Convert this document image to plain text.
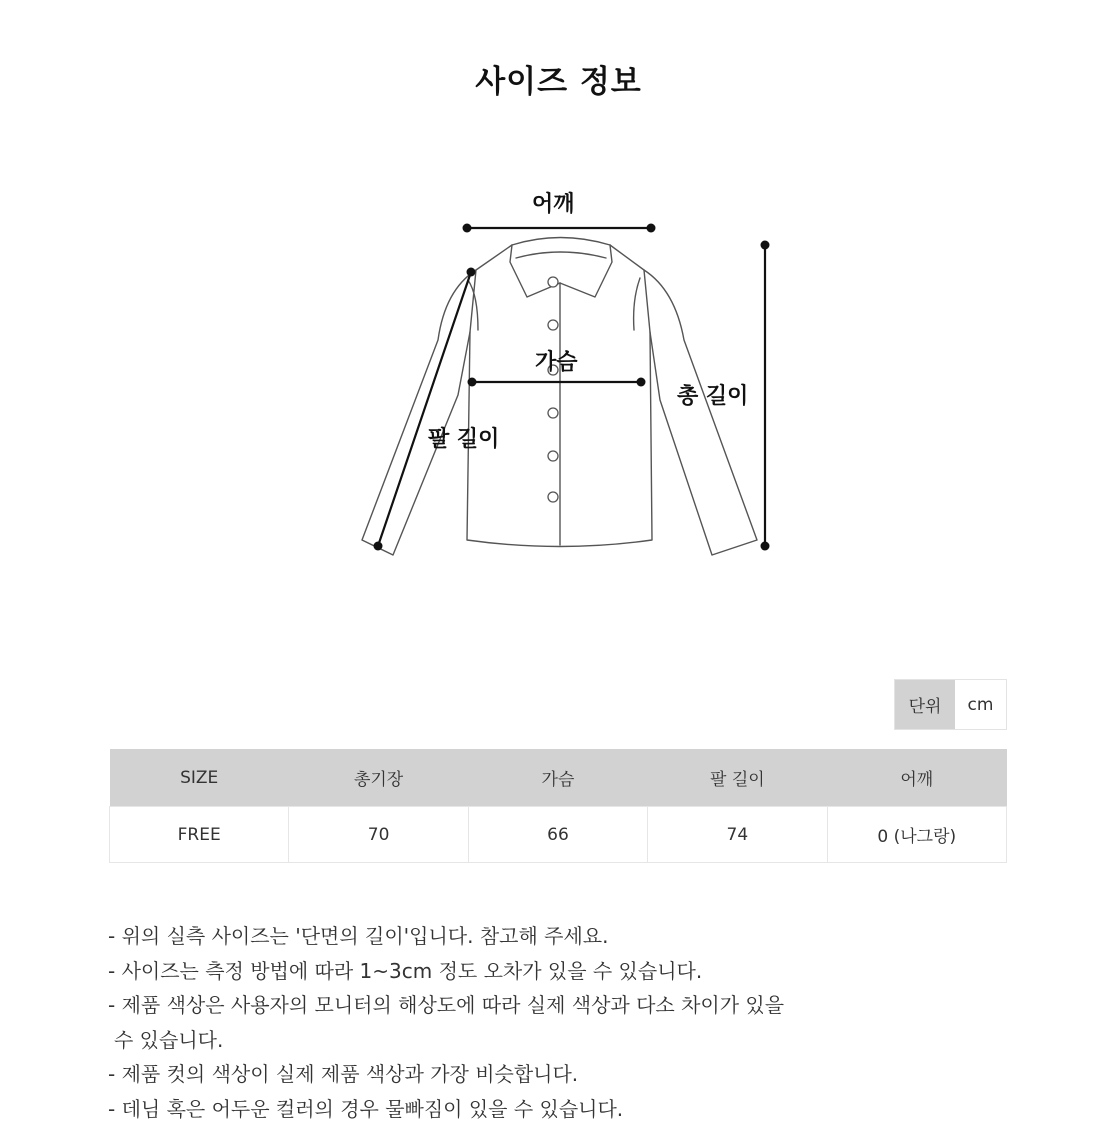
사이즈 정보
어깨
가슴
총 길이
팔 길이
단위	cm
SIZE	총기장	가슴	팔 길이	어깨
FREE	70	66	74	0 (나그랑)
- 위의 실측 사이즈는 '단면의 길이'입니다. 참고해 주세요.
- 사이즈는 측정 방법에 따라 1~3cm 정도 오차가 있을 수 있습니다.
- 제품 색상은 사용자의 모니터의 해상도에 따라 실제 색상과 다소 차이가 있을
수 있습니다.
- 제품 컷의 색상이 실제 제품 색상과 가장 비슷합니다.
- 데님 혹은 어두운 컬러의 경우 물빠짐이 있을 수 있습니다.
